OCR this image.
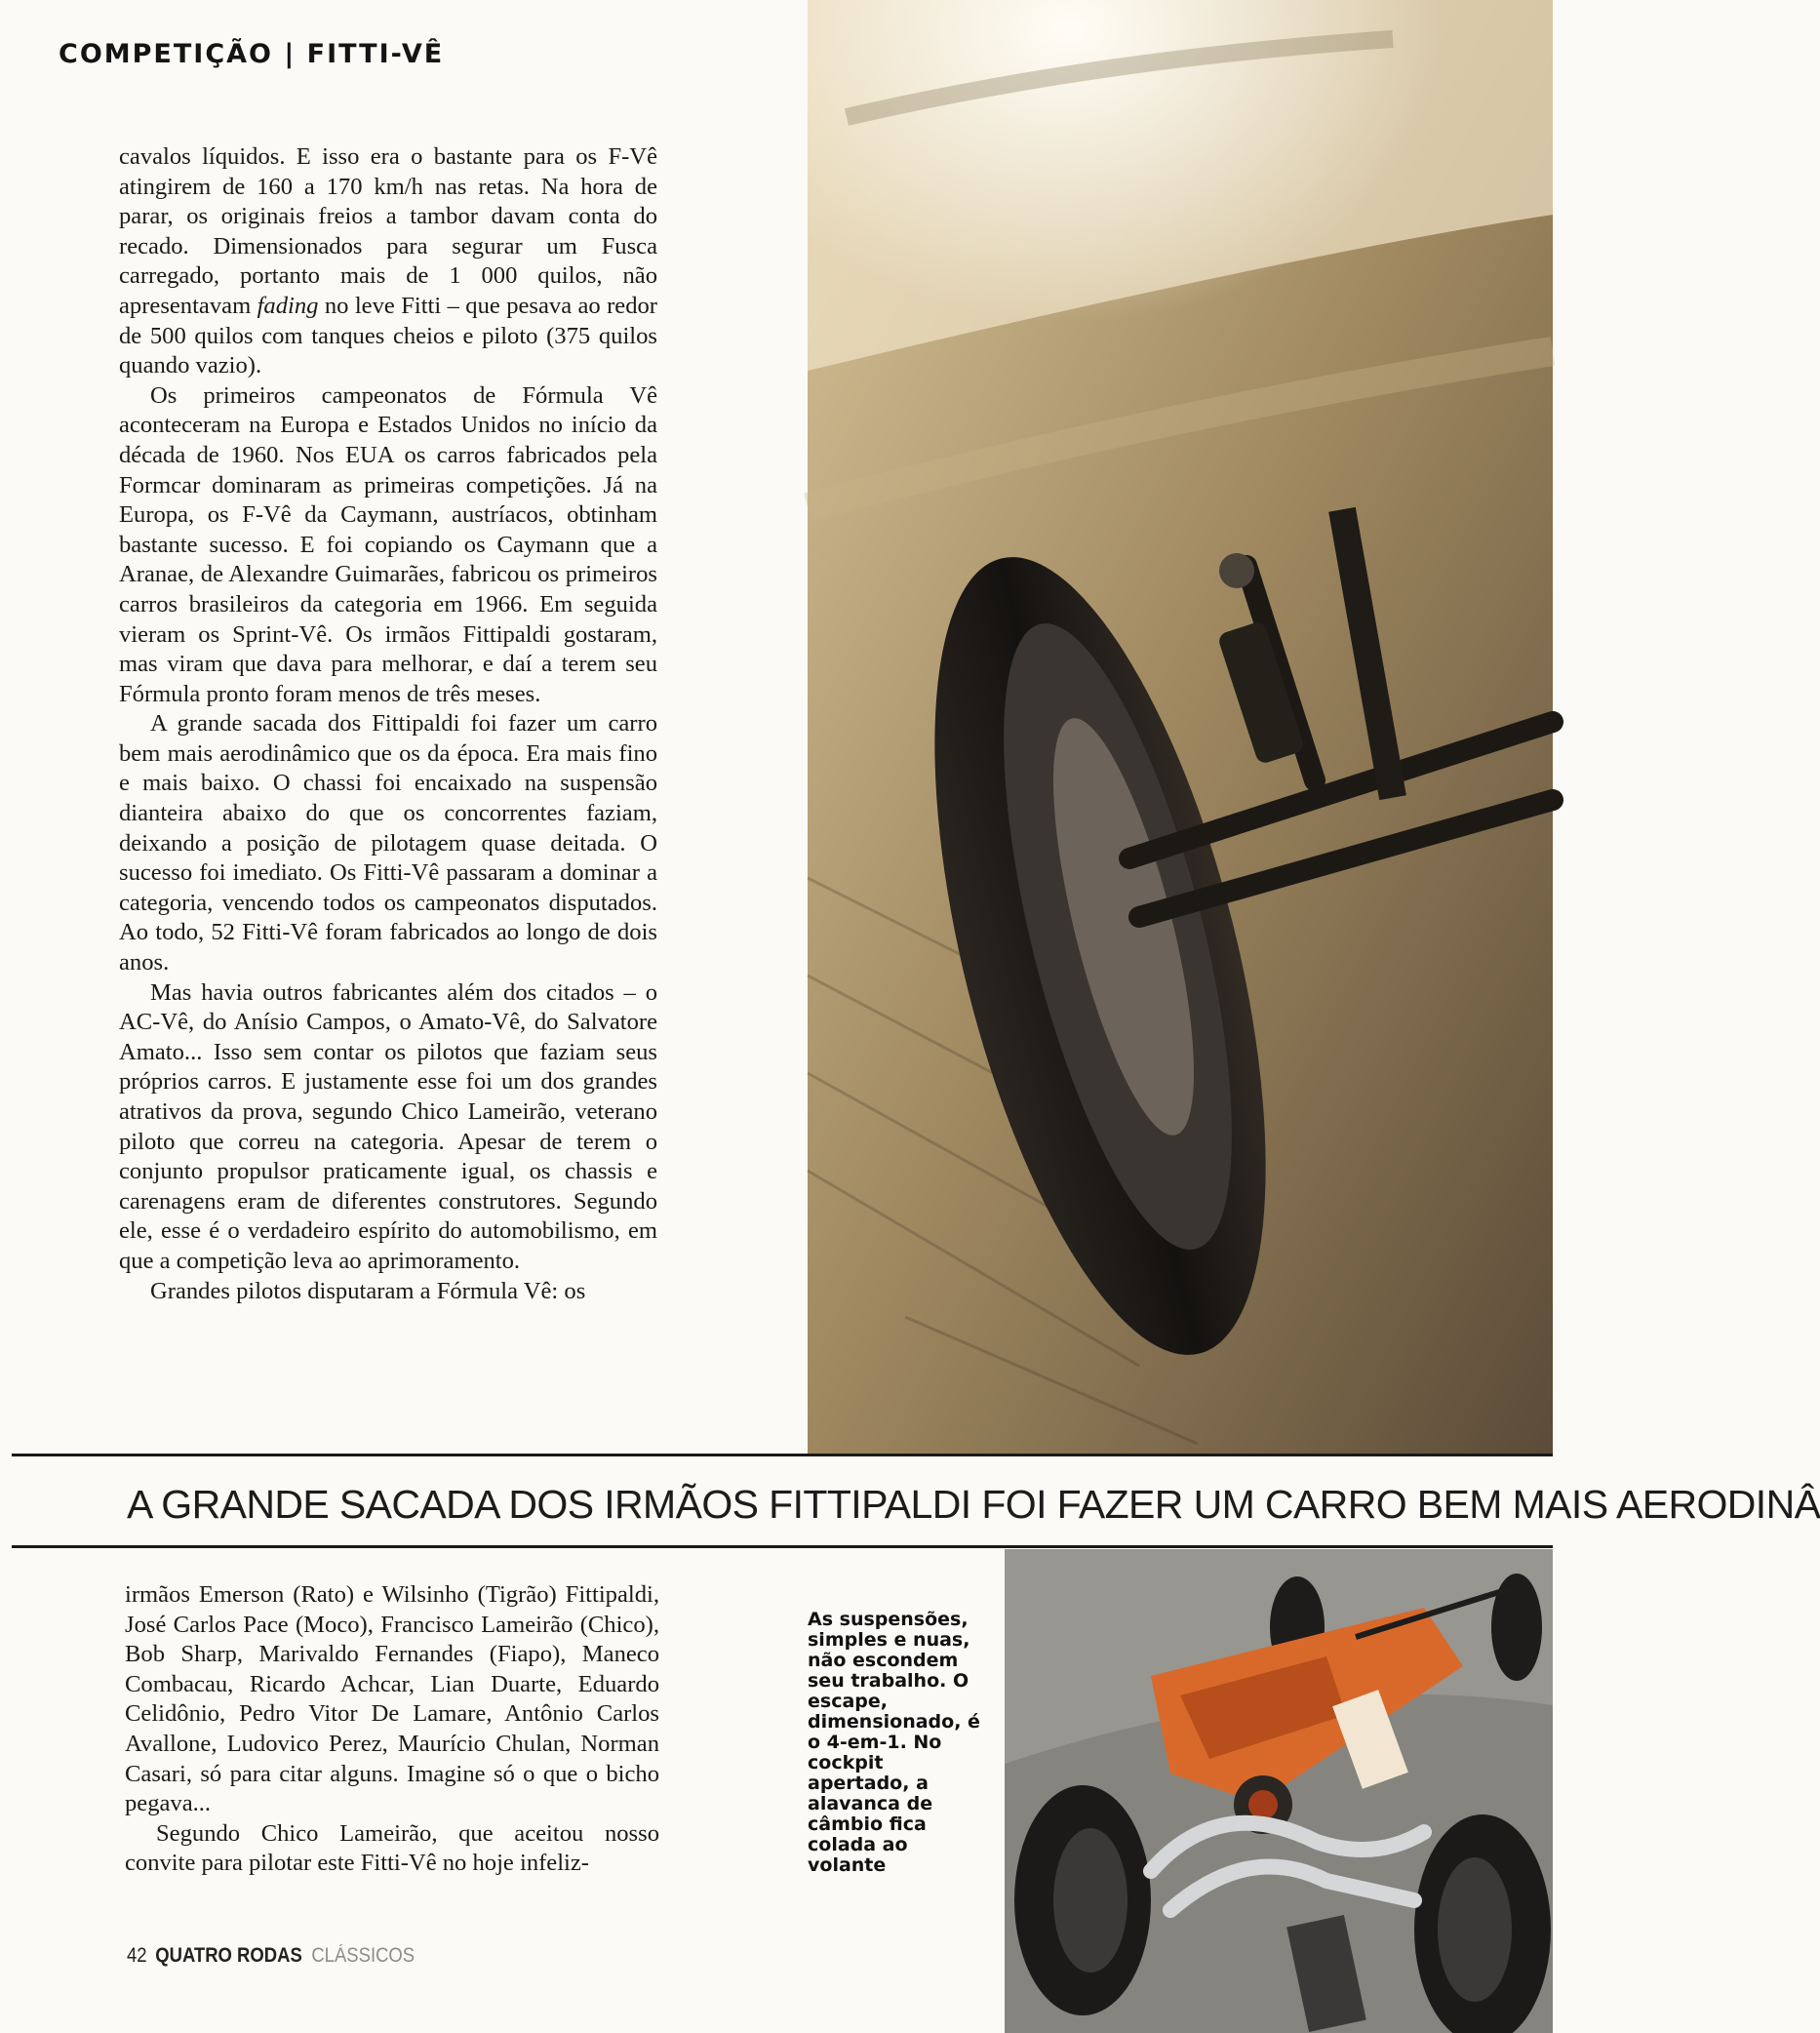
COMPETIÇÃO | FITTI-VÊ

cavalos líquidos. E isso era o bastante para os F-Vê atingirem de 160 a 170 km/h nas retas. Na hora de parar, os originais freios a tambor davam conta do recado. Dimensionados para segurar um Fusca carregado, portanto mais de 1 000 quilos, não apresentavam fading no leve Fitti – que pesava ao redor de 500 quilos com tanques cheios e piloto (375 quilos quando vazio).

Os primeiros campeonatos de Fórmula Vê aconteceram na Europa e Estados Unidos no início da década de 1960. Nos EUA os carros fabricados pela Formcar dominaram as primeiras competições. Já na Europa, os F-Vê da Caymann, austríacos, obtinham bastante sucesso. E foi copiando os Caymann que a Aranae, de Alexandre Guimarães, fabricou os primeiros carros brasileiros da categoria em 1966. Em seguida vieram os Sprint-Vê. Os irmãos Fittipaldi gostaram, mas viram que dava para melhorar, e daí a terem seu Fórmula pronto foram menos de três meses.

A grande sacada dos Fittipaldi foi fazer um carro bem mais aerodinâmico que os da época. Era mais fino e mais baixo. O chassi foi encaixado na suspensão dianteira abaixo do que os concorrentes faziam, deixando a posição de pilotagem quase deitada. O sucesso foi imediato. Os Fitti-Vê passaram a dominar a categoria, vencendo todos os campeonatos disputados. Ao todo, 52 Fitti-Vê foram fabricados ao longo de dois anos.

Mas havia outros fabricantes além dos citados – o AC-Vê, do Anísio Campos, o Amato-Vê, do Salvatore Amato... Isso sem contar os pilotos que faziam seus próprios carros. E justamente esse foi um dos grandes atrativos da prova, segundo Chico Lameirão, veterano piloto que correu na categoria. Apesar de terem o conjunto propulsor praticamente igual, os chassis e carenagens eram de diferentes construtores. Segundo ele, esse é o verdadeiro espírito do automobilismo, em que a competição leva ao aprimoramento.

Grandes pilotos disputaram a Fórmula Vê: os

A GRANDE SACADA DOS IRMÃOS FITTIPALDI FOI FAZER UM CARRO BEM MAIS AERODINÂ

irmãos Emerson (Rato) e Wilsinho (Tigrão) Fittipaldi, José Carlos Pace (Moco), Francisco Lameirão (Chico), Bob Sharp, Marivaldo Fernandes (Fiapo), Maneco Combacau, Ricardo Achcar, Lian Duarte, Eduardo Celidônio, Pedro Vitor De Lamare, Antônio Carlos Avallone, Ludovico Perez, Maurício Chulan, Norman Casari, só para citar alguns. Imagine só o que o bicho pegava...

Segundo Chico Lameirão, que aceitou nosso convite para pilotar este Fitti-Vê no hoje infeliz-

As suspensões, simples e nuas, não escondem seu trabalho. O escape, dimensionado, é o 4-em-1. No cockpit apertado, a alavanca de câmbio fica colada ao volante
42 QUATRO RODAS CLÁSSICOS
